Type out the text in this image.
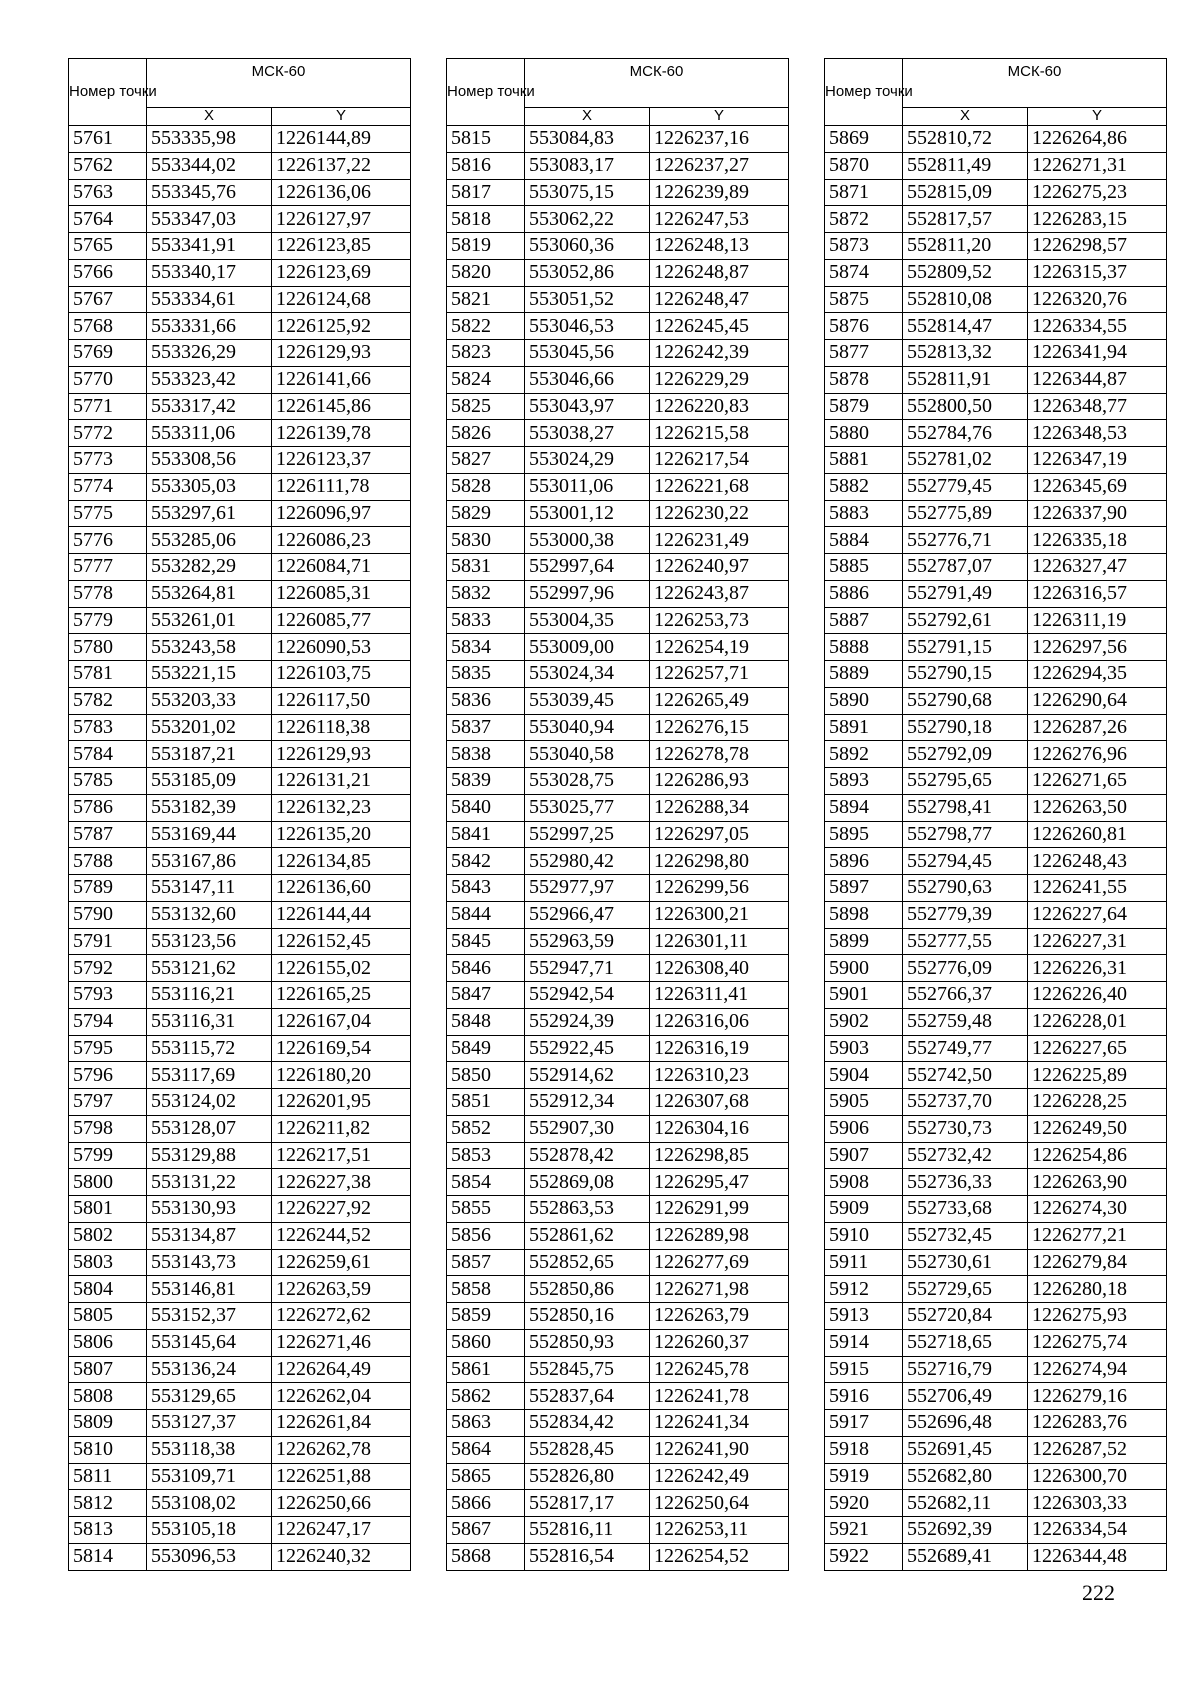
Номер точки	МСК-60	
	X	Y
5761	553335,98	1226144,89
5762	553344,02	1226137,22
5763	553345,76	1226136,06
5764	553347,03	1226127,97
5765	553341,91	1226123,85
5766	553340,17	1226123,69
5767	553334,61	1226124,68
5768	553331,66	1226125,92
5769	553326,29	1226129,93
5770	553323,42	1226141,66
5771	553317,42	1226145,86
5772	553311,06	1226139,78
5773	553308,56	1226123,37
5774	553305,03	1226111,78
5775	553297,61	1226096,97
5776	553285,06	1226086,23
5777	553282,29	1226084,71
5778	553264,81	1226085,31
5779	553261,01	1226085,77
5780	553243,58	1226090,53
5781	553221,15	1226103,75
5782	553203,33	1226117,50
5783	553201,02	1226118,38
5784	553187,21	1226129,93
5785	553185,09	1226131,21
5786	553182,39	1226132,23
5787	553169,44	1226135,20
5788	553167,86	1226134,85
5789	553147,11	1226136,60
5790	553132,60	1226144,44
5791	553123,56	1226152,45
5792	553121,62	1226155,02
5793	553116,21	1226165,25
5794	553116,31	1226167,04
5795	553115,72	1226169,54
5796	553117,69	1226180,20
5797	553124,02	1226201,95
5798	553128,07	1226211,82
5799	553129,88	1226217,51
5800	553131,22	1226227,38
5801	553130,93	1226227,92
5802	553134,87	1226244,52
5803	553143,73	1226259,61
5804	553146,81	1226263,59
5805	553152,37	1226272,62
5806	553145,64	1226271,46
5807	553136,24	1226264,49
5808	553129,65	1226262,04
5809	553127,37	1226261,84
5810	553118,38	1226262,78
5811	553109,71	1226251,88
5812	553108,02	1226250,66
5813	553105,18	1226247,17
5814	553096,53	1226240,32
Номер точки	МСК-60	
	X	Y
5815	553084,83	1226237,16
5816	553083,17	1226237,27
5817	553075,15	1226239,89
5818	553062,22	1226247,53
5819	553060,36	1226248,13
5820	553052,86	1226248,87
5821	553051,52	1226248,47
5822	553046,53	1226245,45
5823	553045,56	1226242,39
5824	553046,66	1226229,29
5825	553043,97	1226220,83
5826	553038,27	1226215,58
5827	553024,29	1226217,54
5828	553011,06	1226221,68
5829	553001,12	1226230,22
5830	553000,38	1226231,49
5831	552997,64	1226240,97
5832	552997,96	1226243,87
5833	553004,35	1226253,73
5834	553009,00	1226254,19
5835	553024,34	1226257,71
5836	553039,45	1226265,49
5837	553040,94	1226276,15
5838	553040,58	1226278,78
5839	553028,75	1226286,93
5840	553025,77	1226288,34
5841	552997,25	1226297,05
5842	552980,42	1226298,80
5843	552977,97	1226299,56
5844	552966,47	1226300,21
5845	552963,59	1226301,11
5846	552947,71	1226308,40
5847	552942,54	1226311,41
5848	552924,39	1226316,06
5849	552922,45	1226316,19
5850	552914,62	1226310,23
5851	552912,34	1226307,68
5852	552907,30	1226304,16
5853	552878,42	1226298,85
5854	552869,08	1226295,47
5855	552863,53	1226291,99
5856	552861,62	1226289,98
5857	552852,65	1226277,69
5858	552850,86	1226271,98
5859	552850,16	1226263,79
5860	552850,93	1226260,37
5861	552845,75	1226245,78
5862	552837,64	1226241,78
5863	552834,42	1226241,34
5864	552828,45	1226241,90
5865	552826,80	1226242,49
5866	552817,17	1226250,64
5867	552816,11	1226253,11
5868	552816,54	1226254,52
Номер точки	МСК-60	
	X	Y
5869	552810,72	1226264,86
5870	552811,49	1226271,31
5871	552815,09	1226275,23
5872	552817,57	1226283,15
5873	552811,20	1226298,57
5874	552809,52	1226315,37
5875	552810,08	1226320,76
5876	552814,47	1226334,55
5877	552813,32	1226341,94
5878	552811,91	1226344,87
5879	552800,50	1226348,77
5880	552784,76	1226348,53
5881	552781,02	1226347,19
5882	552779,45	1226345,69
5883	552775,89	1226337,90
5884	552776,71	1226335,18
5885	552787,07	1226327,47
5886	552791,49	1226316,57
5887	552792,61	1226311,19
5888	552791,15	1226297,56
5889	552790,15	1226294,35
5890	552790,68	1226290,64
5891	552790,18	1226287,26
5892	552792,09	1226276,96
5893	552795,65	1226271,65
5894	552798,41	1226263,50
5895	552798,77	1226260,81
5896	552794,45	1226248,43
5897	552790,63	1226241,55
5898	552779,39	1226227,64
5899	552777,55	1226227,31
5900	552776,09	1226226,31
5901	552766,37	1226226,40
5902	552759,48	1226228,01
5903	552749,77	1226227,65
5904	552742,50	1226225,89
5905	552737,70	1226228,25
5906	552730,73	1226249,50
5907	552732,42	1226254,86
5908	552736,33	1226263,90
5909	552733,68	1226274,30
5910	552732,45	1226277,21
5911	552730,61	1226279,84
5912	552729,65	1226280,18
5913	552720,84	1226275,93
5914	552718,65	1226275,74
5915	552716,79	1226274,94
5916	552706,49	1226279,16
5917	552696,48	1226283,76
5918	552691,45	1226287,52
5919	552682,80	1226300,70
5920	552682,11	1226303,33
5921	552692,39	1226334,54
5922	552689,41	1226344,48
222
